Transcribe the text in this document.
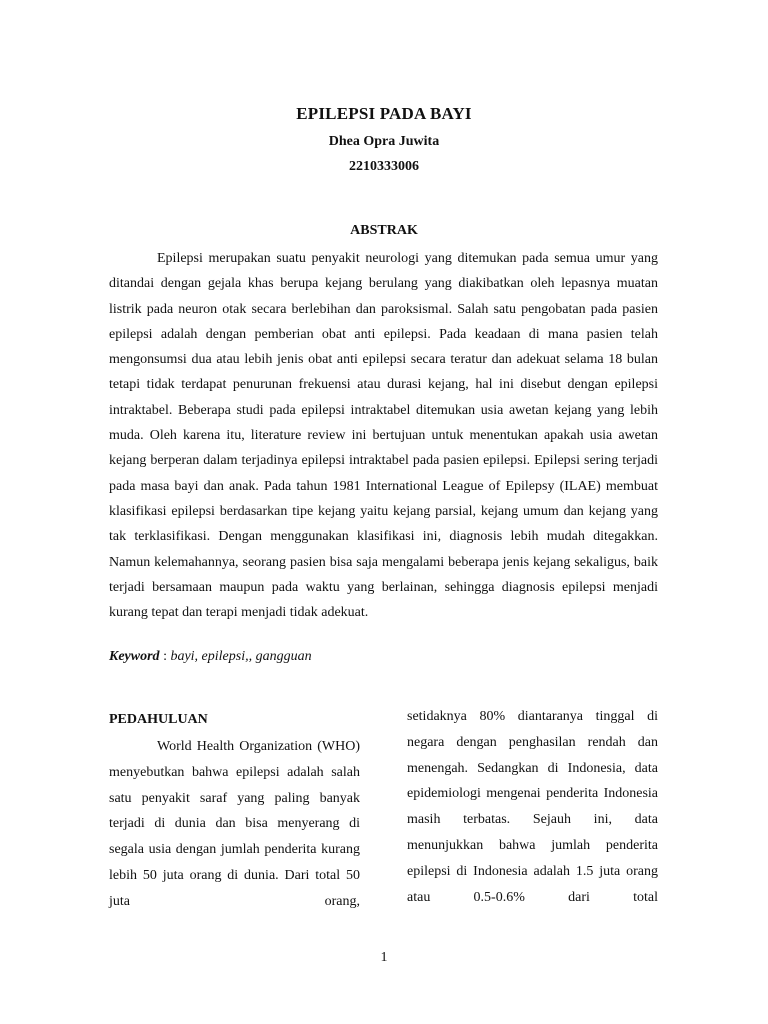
EPILEPSI PADA BAYI

Dhea Opra Juwita

2210333006

ABSTRAK

Epilepsi merupakan suatu penyakit neurologi yang ditemukan pada semua umur yang ditandai dengan gejala khas berupa kejang berulang yang diakibatkan oleh lepasnya muatan listrik pada neuron otak secara berlebihan dan paroksismal. Salah satu pengobatan pada pasien epilepsi adalah dengan pemberian obat anti epilepsi. Pada keadaan di mana pasien telah mengonsumsi dua atau lebih jenis obat anti epilepsi secara teratur dan adekuat selama 18 bulan tetapi tidak terdapat penurunan frekuensi atau durasi kejang, hal ini disebut dengan epilepsi intraktabel. Beberapa studi pada epilepsi intraktabel ditemukan usia awetan kejang yang lebih muda. Oleh karena itu, literature review ini bertujuan untuk menentukan apakah usia awetan kejang berperan dalam terjadinya epilepsi intraktabel pada pasien epilepsi. Epilepsi sering terjadi pada masa bayi dan anak. Pada tahun 1981 International League of Epilepsy (ILAE) membuat klasifikasi epilepsi berdasarkan tipe kejang yaitu kejang parsial, kejang umum dan kejang yang tak terklasifikasi. Dengan menggunakan klasifikasi ini, diagnosis lebih mudah ditegakkan. Namun kelemahannya, seorang pasien bisa saja mengalami beberapa jenis kejang sekaligus, baik terjadi bersamaan maupun pada waktu yang berlainan, sehingga diagnosis epilepsi menjadi kurang tepat dan terapi menjadi tidak adekuat.

Keyword : bayi, epilepsi,, gangguan

PEDAHULUAN

World Health Organization (WHO) menyebutkan bahwa epilepsi adalah salah satu penyakit saraf yang paling banyak terjadi di dunia dan bisa menyerang di segala usia dengan jumlah penderita kurang lebih 50 juta orang di dunia. Dari total 50 juta orang,

setidaknya 80% diantaranya tinggal di negara dengan penghasilan rendah dan menengah. Sedangkan di Indonesia, data epidemiologi mengenai penderita Indonesia masih terbatas. Sejauh ini, data menunjukkan bahwa jumlah penderita epilepsi di Indonesia adalah 1.5 juta orang atau 0.5-0.6% dari total

1
